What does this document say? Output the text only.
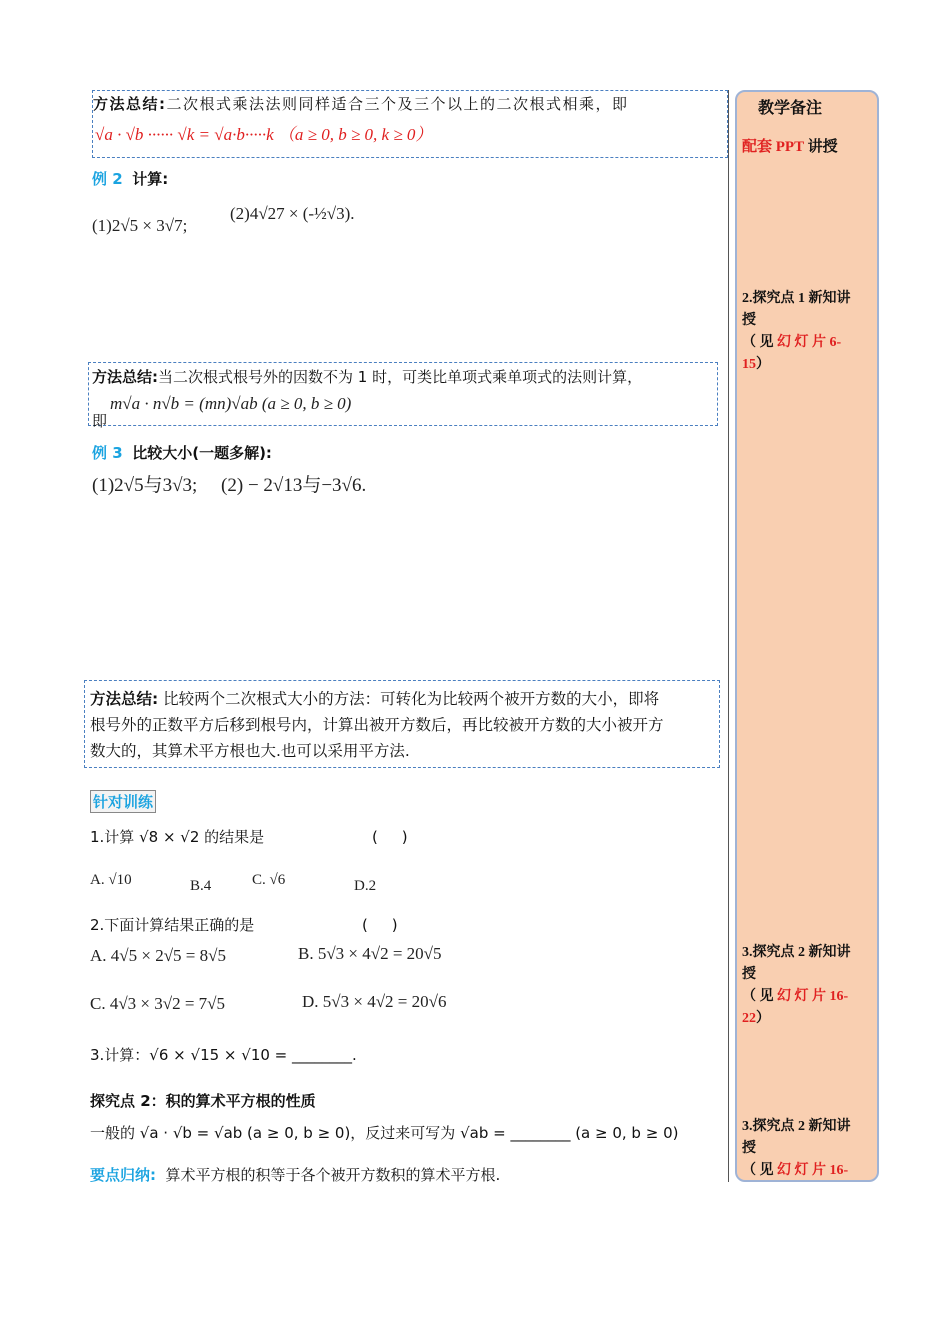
方法总结:二次根式乘法法则同样适合三个及三个以上的二次根式相乘，即
√a · √b ······ √k = √a·b·····k （a ≥ 0, b ≥ 0, k ≥ 0）
例 2 计算:
(1)2√5 × 3√7;
(2)4√27 × (-½√3).
方法总结:当二次根式根号外的因数不为 1 时，可类比单项式乘单项式的法则计算，
即
m√a · n√b = (mn)√ab (a ≥ 0, b ≥ 0)
例 3 比较大小(一题多解):
(1)2√5与3√3;     (2) − 2√13与−3√6.
方法总结: 比较两个二次根式大小的方法：可转化为比较两个被开方数的大小，即将
根号外的正数平方后移到根号内，计算出被开方数后，再比较被开方数的大小被开方
数大的，其算术平方根也大.也可以采用平方法.
针对训练
1.计算 √8 × √2 的结果是	(     )
A. √10	B.4	C. √6	D.2
2.下面计算结果正确的是	(     )
A. 4√5 × 2√5 = 8√5	B. 5√3 × 4√2 = 20√5
C. 4√3 × 3√2 = 7√5	D. 5√3 × 4√2 = 20√6
3.计算：√6 × √15 × √10 = ________.
探究点 2：积的算术平方根的性质
一般的 √a · √b = √ab (a ≥ 0, b ≥ 0)，反过来可写为 √ab = ________ (a ≥ 0, b ≥ 0)
要点归纳: 算术平方根的积等于各个被开方数积的算术平方根.
教学备注
配套 PPT 讲授
2.探究点 1 新知讲
授
（ 见 幻 灯 片 6-
15）
3.探究点 2 新知讲
授
（ 见 幻 灯 片 16-
22）
3.探究点 2 新知讲
授
（ 见 幻 灯 片 16-
